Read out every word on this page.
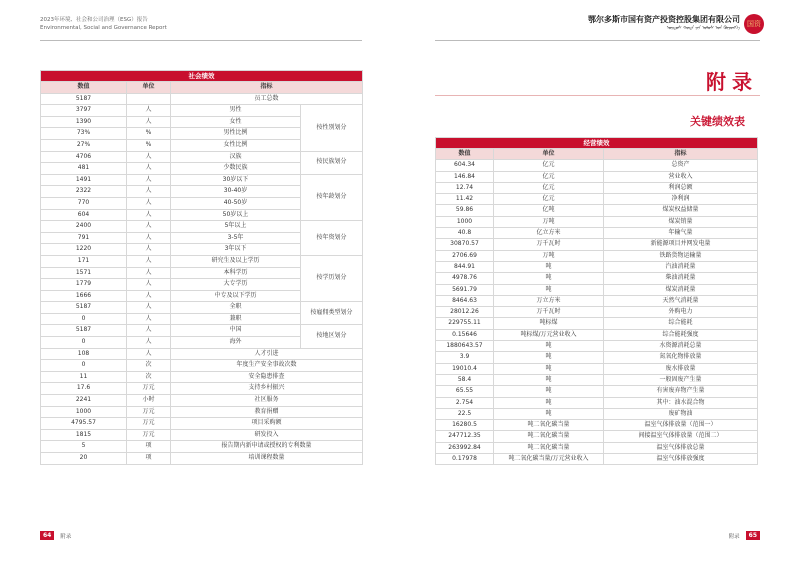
2023年环境、社会和公司治理（ESG）报告
Environmental, Social and Governance Report
鄂尔多斯市国有资产投资控股集团有限公司
ᠣᠷᠳᠣᠰ ᠬᠣᠲᠠ ᠶᠢᠨ ᠤᠯᠤᠰ ᠤᠨ ᠬᠥᠷᠥᠩᠭᠡ
国资
社会绩效			
数值	单位	指标	
5187		员工总数	
3797	人	男性	按性别划分
1390	人	女性	
73%	%	男性比例	
27%	%	女性比例	
4706	人	汉族	按民族划分
481	人	少数民族	
1491	人	30岁以下	按年龄划分
2322	人	30-40岁	
770	人	40-50岁	
604	人	50岁以上	
2400	人	5年以上	按年资划分
791	人	3-5年	
1220	人	3年以下	
171	人	研究生及以上学历	按学历划分
1571	人	本科学历	
1779	人	大专学历	
1666	人	中专及以下学历	
5187	人	全职	按雇佣类型划分
0	人	兼职	
5187	人	中国	按地区划分
0	人	海外	
108	人	人才引进	
0	次	年度生产安全事故次数	
11	次	安全隐患排查	
17.6	万元	支持乡村振兴	
2241	小时	社区服务	
1000	万元	教育捐赠	
4795.57	万元	项目采购额	
1815	万元	研发投入	
5	项	报告期内新申请或授权的专利数量	
20	项	培训课程数量	
附录
关键绩效表
经营绩效		
数值	单位	指标
604.34	亿元	总资产
146.84	亿元	营业收入
12.74	亿元	利润总额
11.42	亿元	净利润
59.86	亿吨	煤炭权益储量
1000	万吨	煤炭销量
40.8	亿立方米	年输气量
30870.57	万千瓦时	新能源项目并网发电量
2706.69	万吨	铁路货物运输量
844.91	吨	汽油消耗量
4978.76	吨	柴油消耗量
5691.79	吨	煤炭消耗量
8464.63	万立方米	天然气消耗量
28012.26	万千瓦时	外购电力
229755.11	吨标煤	综合能耗
0.15646	吨标煤/万元营业收入	综合能耗强度
1880643.57	吨	水资源消耗总量
3.9	吨	氮氧化物排放量
19010.4	吨	废水排放量
58.4	吨	一般固废产生量
65.55	吨	有害废弃物产生量
2.754	吨	其中：油水混合物
22.5	吨	废矿物油
16280.5	吨二氧化碳当量	温室气体排放量（范围一）
247712.35	吨二氧化碳当量	间接温室气体排放量（范围二）
263992.84	吨二氧化碳当量	温室气体排放总量
0.17978	吨二氧化碳当量/万元营业收入	温室气体排放强度
64	附录	附录	65
